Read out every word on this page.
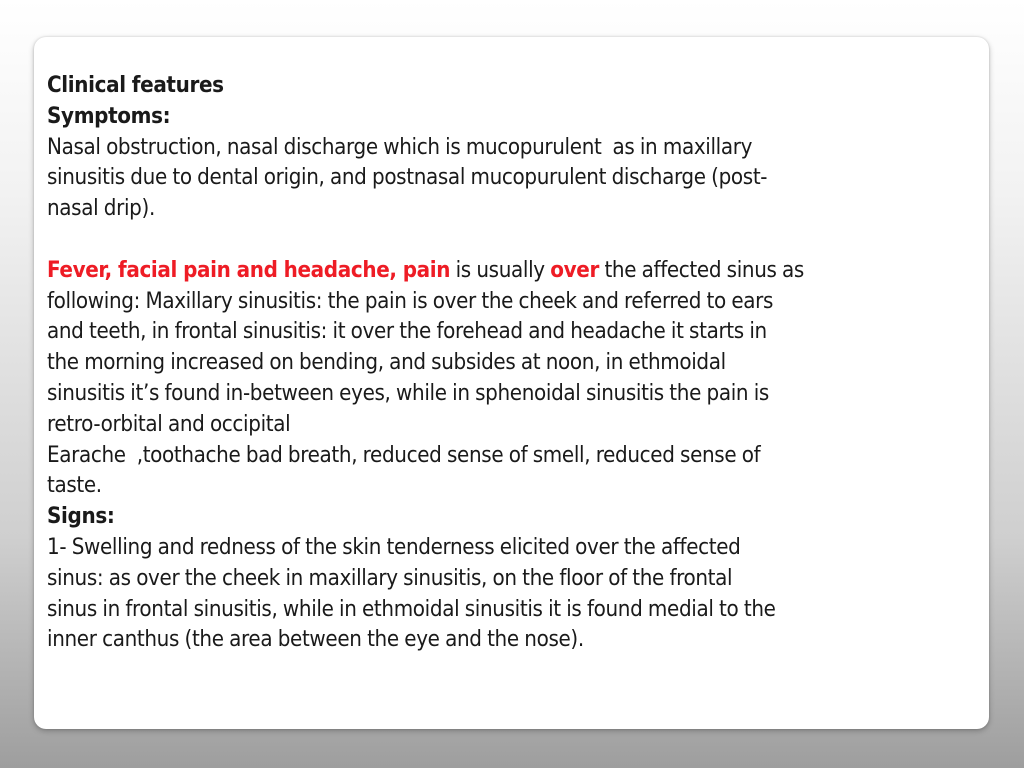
Clinical features
Symptoms:
Nasal obstruction, nasal discharge which is mucopurulent  as in maxillary
sinusitis due to dental origin, and postnasal mucopurulent discharge (post-
nasal drip).
Fever, facial pain and headache, pain is usually over the affected sinus as
following: Maxillary sinusitis: the pain is over the cheek and referred to ears
and teeth, in frontal sinusitis: it over the forehead and headache it starts in
the morning increased on bending, and subsides at noon, in ethmoidal
sinusitis it’s found in-between eyes, while in sphenoidal sinusitis the pain is
retro-orbital and occipital
Earache  ,toothache bad breath, reduced sense of smell, reduced sense of
taste.
Signs:
1- Swelling and redness of the skin tenderness elicited over the affected
sinus: as over the cheek in maxillary sinusitis, on the floor of the frontal
sinus in frontal sinusitis, while in ethmoidal sinusitis it is found medial to the
inner canthus (the area between the eye and the nose).
